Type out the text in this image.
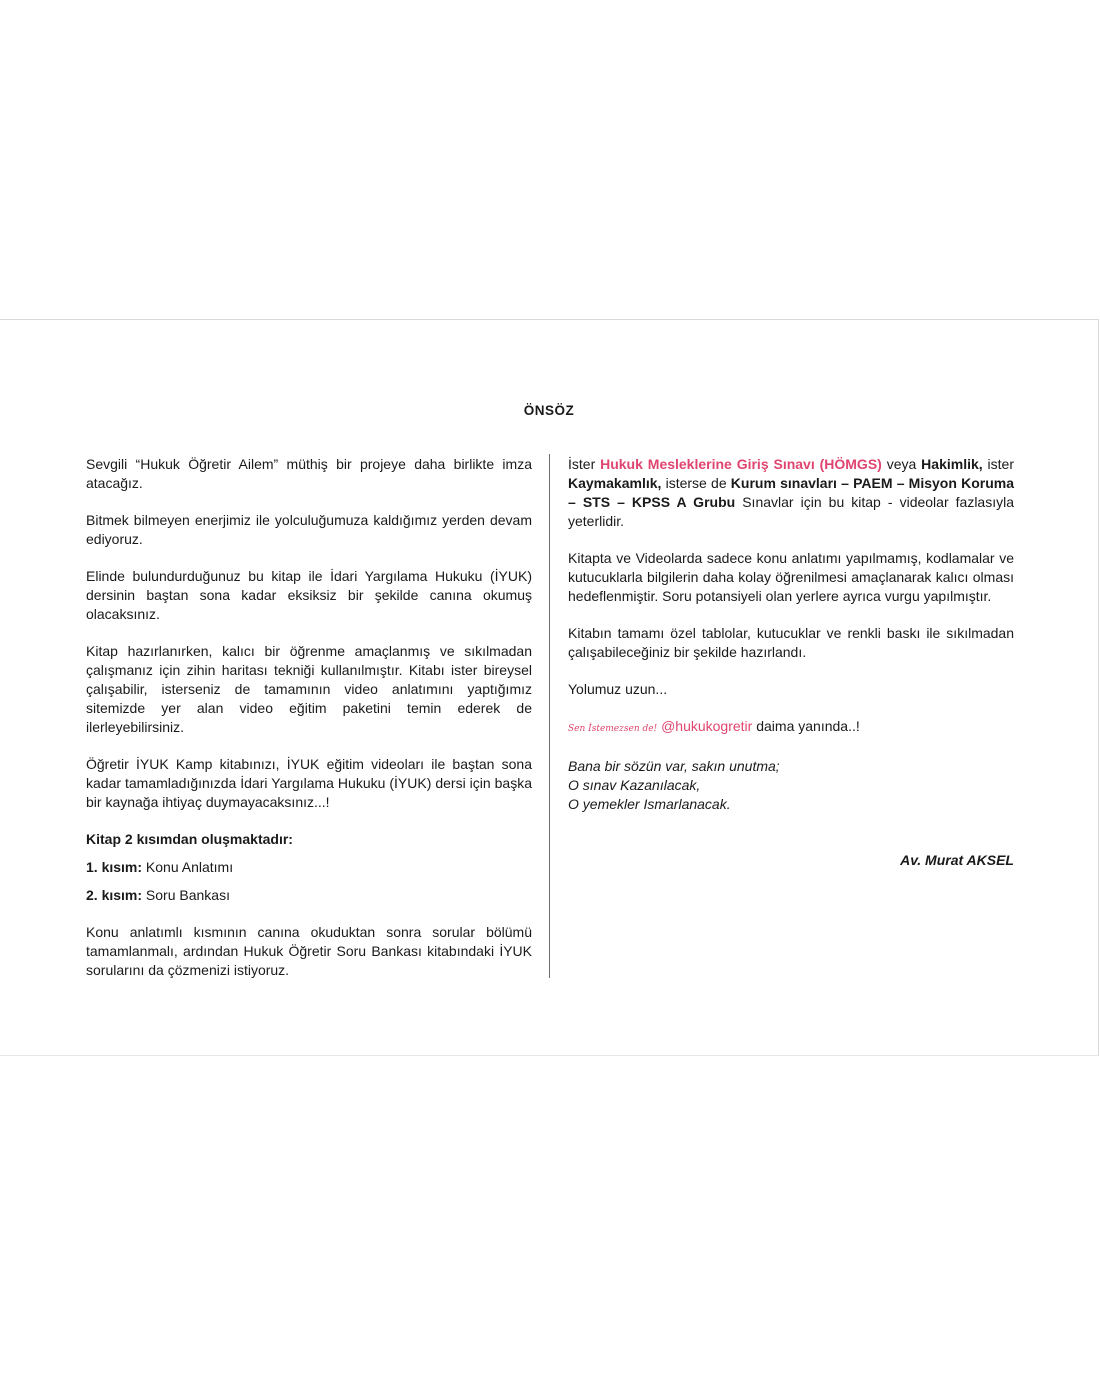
ÖNSÖZ

Sevgili “Hukuk Öğretir Ailem” müthiş bir projeye daha birlikte imza atacağız.

Bitmek bilmeyen enerjimiz ile yolculuğumuza kaldığımız yerden devam ediyoruz.

Elinde bulundurduğunuz bu kitap ile İdari Yargılama Hukuku (İYUK) dersinin baştan sona kadar eksiksiz bir şekilde canına okumuş olacaksınız.

Kitap hazırlanırken, kalıcı bir öğrenme amaçlanmış ve sıkılmadan çalışmanız için zihin haritası tekniği kullanılmıştır. Kitabı ister bireysel çalışabilir, isterseniz de tamamının video anlatımını yaptığımız sitemizde yer alan video eğitim paketini temin ederek de ilerleyebilirsiniz.

Öğretir İYUK Kamp kitabınızı, İYUK eğitim videoları ile baştan sona kadar tamamladığınızda İdari Yargılama Hukuku (İYUK) dersi için başka bir kaynağa ihtiyaç duymayacaksınız...!

Kitap 2 kısımdan oluşmaktadır:

1. kısım: Konu Anlatımı

2. kısım: Soru Bankası

Konu anlatımlı kısmının canına okuduktan sonra sorular bölümü tamamlanmalı, ardından Hukuk Öğretir Soru Bankası kitabındaki İYUK sorularını da çözmenizi istiyoruz.

İster Hukuk Mesleklerine Giriş Sınavı (HÖMGS) veya Hakimlik, ister Kaymakamlık, isterse de Kurum sınavları – PAEM – Misyon Koruma – STS – KPSS A Grubu Sınavlar için bu kitap - videolar fazlasıyla yeterlidir.

Kitapta ve Videolarda sadece konu anlatımı yapılmamış, kodlamalar ve kutucuklarla bilgilerin daha kolay öğrenilmesi amaçlanarak kalıcı olması hedeflenmiştir. Soru potansiyeli olan yerlere ayrıca vurgu yapılmıştır.

Kitabın tamamı özel tablolar, kutucuklar ve renkli baskı ile sıkılmadan çalışabileceğiniz bir şekilde hazırlandı.

Yolumuz uzun...

Sen İstemezsen de! @hukukogretir daima yanında..!

Bana bir sözün var, sakın unutma;
O sınav Kazanılacak,
O yemekler Ismarlanacak.

Av. Murat AKSEL
